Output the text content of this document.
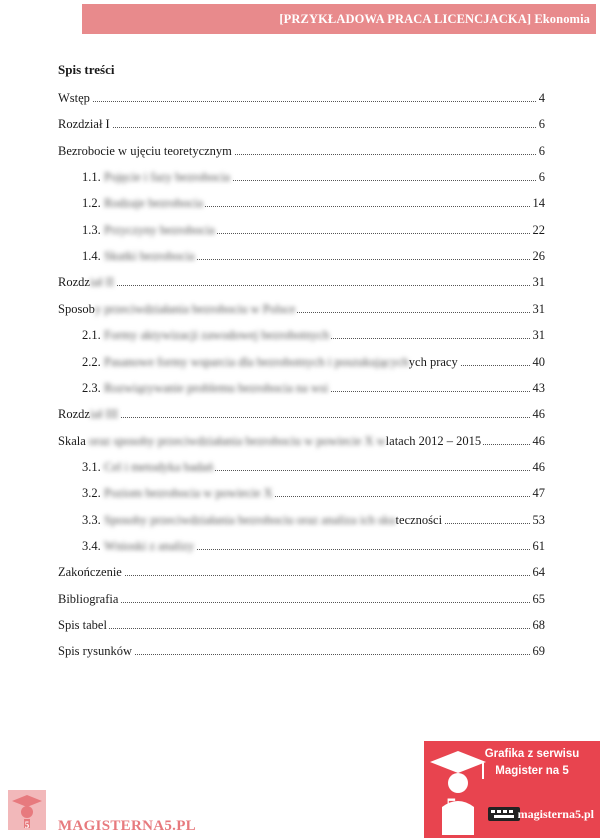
[PRZYKŁADOWA PRACA LICENCJACKA] Ekonomia
Spis treści
Wstęp	4
Rozdział I	6
Bezrobocie w ujęciu teoretycznym	6
1.1. Pojęcie i fazy bezrobocia	6
1.2. Rodzaje bezrobocia	14
1.3. Przyczyny bezrobocia	22
1.4. Skutki bezrobocia	26
Rozdział II	31
Sposoby przeciwdziałania bezrobociu w Polsce	31
2.1. Formy aktywizacji zawodowej bezrobotnych	31
2.2. Pasanowe formy wsparcia dla bezrobotnych i poszukującychych pracy	40
2.3. Rozwiązywanie problemu bezrobocia na wsi	43
Rozdział III	46
Skala oraz sposoby przeciwdziałania bezrobociu w powiecie X wlatach 2012 – 2015	46
3.1. Cel i metodyka badań	46
3.2. Poziom bezrobocia w powiecie X	47
3.3. Sposoby przeciwdziałania bezrobociu oraz analiza ich skuteczności	53
3.4. Wnioski z analizy	61
Zakończenie	64
Bibliografia	65
Spis tabel	68
Spis rysunków	69
5 MAGISTERNA5.PL
5
Grafika z serwisu
Magister na 5
magisterna5.pl
